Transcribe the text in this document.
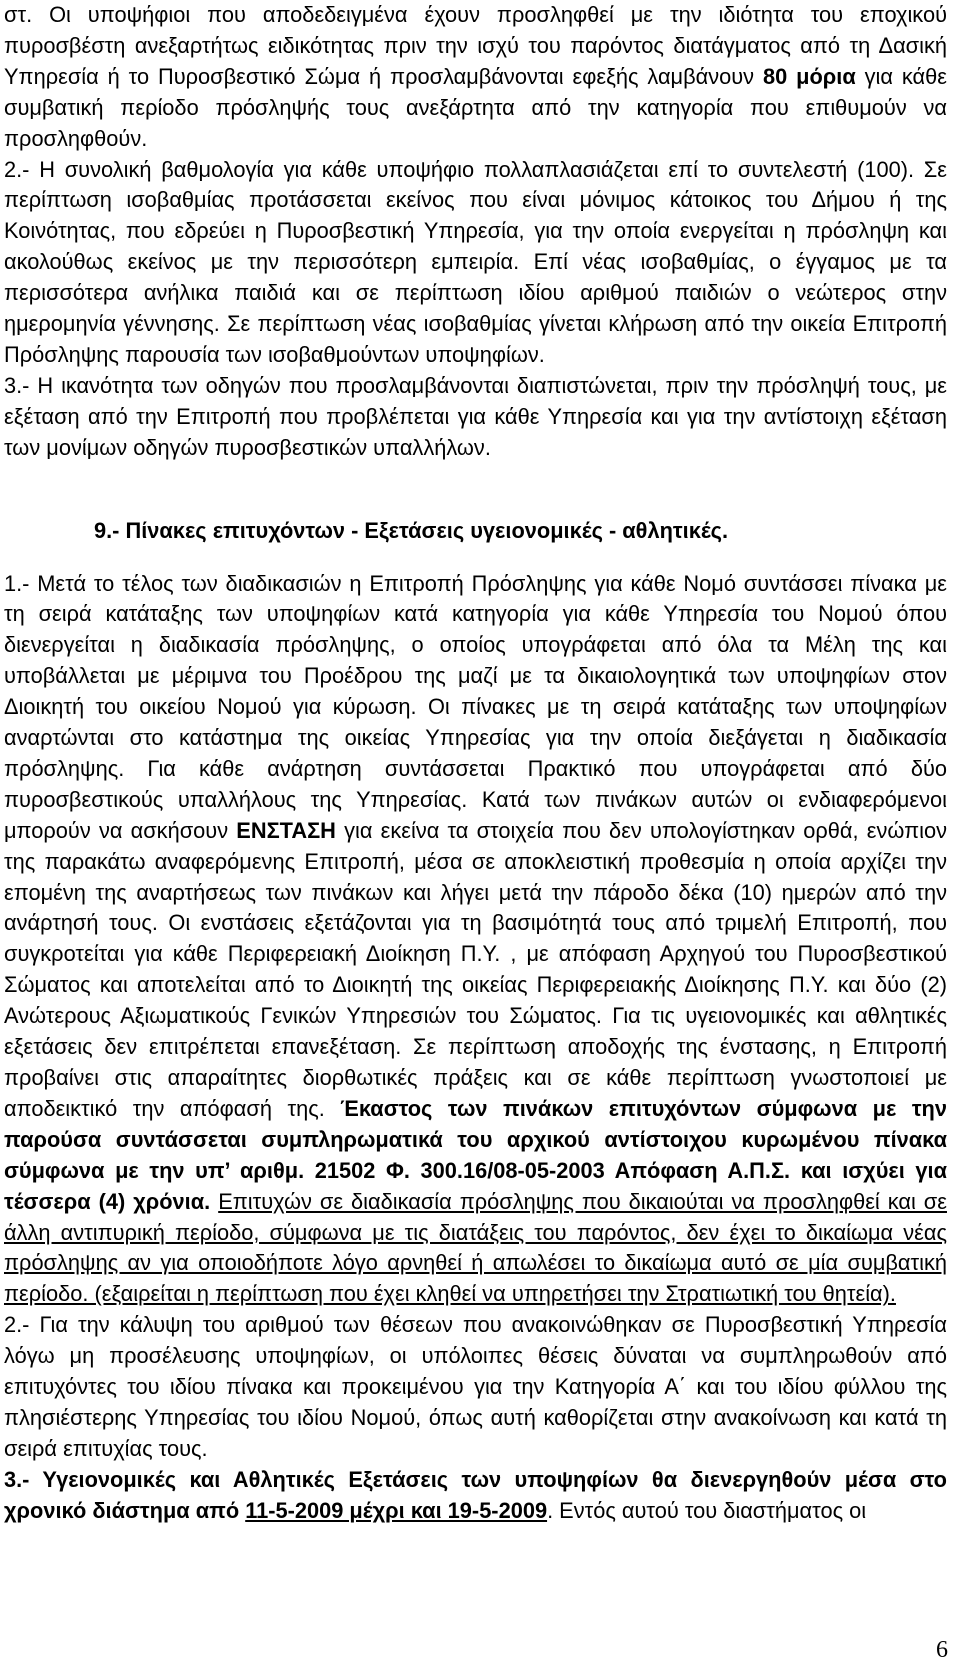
στ. Οι υποψήφιοι που αποδεδειγμένα έχουν προσληφθεί με την ιδιότητα του εποχικού πυροσβέστη ανεξαρτήτως ειδικότητας πριν την ισχύ του παρόντος διατάγματος από τη Δασική Υπηρεσία ή το Πυροσβεστικό Σώμα ή προσλαμβάνονται εφεξής λαμβάνουν 80 μόρια για κάθε συμβατική περίοδο πρόσληψής τους ανεξάρτητα από την κατηγορία που επιθυμούν να προσληφθούν.

2.- Η συνολική βαθμολογία για κάθε υποψήφιο πολλαπλασιάζεται επί το συντελεστή (100). Σε περίπτωση ισοβαθμίας προτάσσεται εκείνος που είναι μόνιμος κάτοικος του Δήμου ή της Κοινότητας, που εδρεύει η Πυροσβεστική Υπηρεσία, για την οποία ενεργείται η πρόσληψη και ακολούθως εκείνος με την περισσότερη εμπειρία. Επί νέας ισοβαθμίας, ο έγγαμος με τα περισσότερα ανήλικα παιδιά και σε περίπτωση ιδίου αριθμού παιδιών ο νεώτερος στην ημερομηνία γέννησης. Σε περίπτωση νέας ισοβαθμίας γίνεται κλήρωση από την οικεία Επιτροπή Πρόσληψης παρουσία των ισοβαθμούντων υποψηφίων.

3.- Η ικανότητα των οδηγών που προσλαμβάνονται διαπιστώνεται, πριν την πρόσληψή τους, με εξέταση από την Επιτροπή που προβλέπεται για κάθε Υπηρεσία και για την αντίστοιχη εξέταση των μονίμων οδηγών πυροσβεστικών υπαλλήλων.

9.- Πίνακες επιτυχόντων - Εξετάσεις υγειονομικές - αθλητικές.

1.- Μετά το τέλος των διαδικασιών η Επιτροπή Πρόσληψης για κάθε Νομό συντάσσει πίνακα με τη σειρά κατάταξης των υποψηφίων κατά κατηγορία για κάθε Υπηρεσία του Νομού όπου διενεργείται η διαδικασία πρόσληψης, ο οποίος υπογράφεται από όλα τα Μέλη της και υποβάλλεται με μέριμνα του Προέδρου της μαζί με τα δικαιολογητικά των υποψηφίων στον Διοικητή του οικείου Νομού για κύρωση. Οι πίνακες με τη σειρά κατάταξης των υποψηφίων αναρτώνται στο κατάστημα της οικείας Υπηρεσίας για την οποία διεξάγεται η διαδικασία πρόσληψης. Για κάθε ανάρτηση συντάσσεται Πρακτικό που υπογράφεται από δύο πυροσβεστικούς υπαλλήλους της Υπηρεσίας. Κατά των πινάκων αυτών οι ενδιαφερόμενοι μπορούν να ασκήσουν ΕΝΣΤΑΣΗ για εκείνα τα στοιχεία που δεν υπολογίστηκαν ορθά, ενώπιον της παρακάτω αναφερόμενης Επιτροπή, μέσα σε αποκλειστική προθεσμία η οποία αρχίζει την επομένη της αναρτήσεως των πινάκων και λήγει μετά την πάροδο δέκα (10) ημερών από την ανάρτησή τους. Οι ενστάσεις εξετάζονται για τη βασιμότητά τους από τριμελή Επιτροπή, που συγκροτείται για κάθε Περιφερειακή Διοίκηση Π.Υ. , με απόφαση Αρχηγού του Πυροσβεστικού Σώματος και αποτελείται από το Διοικητή της οικείας Περιφερειακής Διοίκησης Π.Υ. και δύο (2) Ανώτερους Αξιωματικούς Γενικών Υπηρεσιών του Σώματος. Για τις υγειονομικές και αθλητικές εξετάσεις δεν επιτρέπεται επανεξέταση. Σε περίπτωση αποδοχής της ένστασης, η Επιτροπή προβαίνει στις απαραίτητες διορθωτικές πράξεις και σε κάθε περίπτωση γνωστοποιεί με αποδεικτικό την απόφασή της. Έκαστος των πινάκων επιτυχόντων σύμφωνα με την παρούσα συντάσσεται συμπληρωματικά του αρχικού αντίστοιχου κυρωμένου πίνακα σύμφωνα με την υπ’ αριθμ. 21502 Φ. 300.16/08-05-2003 Απόφαση Α.Π.Σ. και ισχύει για τέσσερα (4) χρόνια. Επιτυχών σε διαδικασία πρόσληψης που δικαιούται να προσληφθεί και σε άλλη αντιπυρική περίοδο, σύμφωνα με τις διατάξεις του παρόντος, δεν έχει το δικαίωμα νέας πρόσληψης αν για οποιοδήποτε λόγο αρνηθεί ή απωλέσει το δικαίωμα αυτό σε μία συμβατική περίοδο. (εξαιρείται η περίπτωση που έχει κληθεί να υπηρετήσει την Στρατιωτική του θητεία).

2.- Για την κάλυψη του αριθμού των θέσεων που ανακοινώθηκαν σε Πυροσβεστική Υπηρεσία λόγω μη προσέλευσης υποψηφίων, οι υπόλοιπες θέσεις δύναται να συμπληρωθούν από επιτυχόντες του ιδίου πίνακα και προκειμένου για την Κατηγορία Α΄ και του ιδίου φύλλου της πλησιέστερης Υπηρεσίας του ιδίου Νομού, όπως αυτή καθορίζεται στην ανακοίνωση και κατά τη σειρά επιτυχίας τους.

3.- Υγειονομικές και Αθλητικές Εξετάσεις των υποψηφίων θα διενεργηθούν μέσα στο χρονικό διάστημα από 11-5-2009 μέχρι και 19-5-2009. Εντός αυτού του διαστήματος οι

6
